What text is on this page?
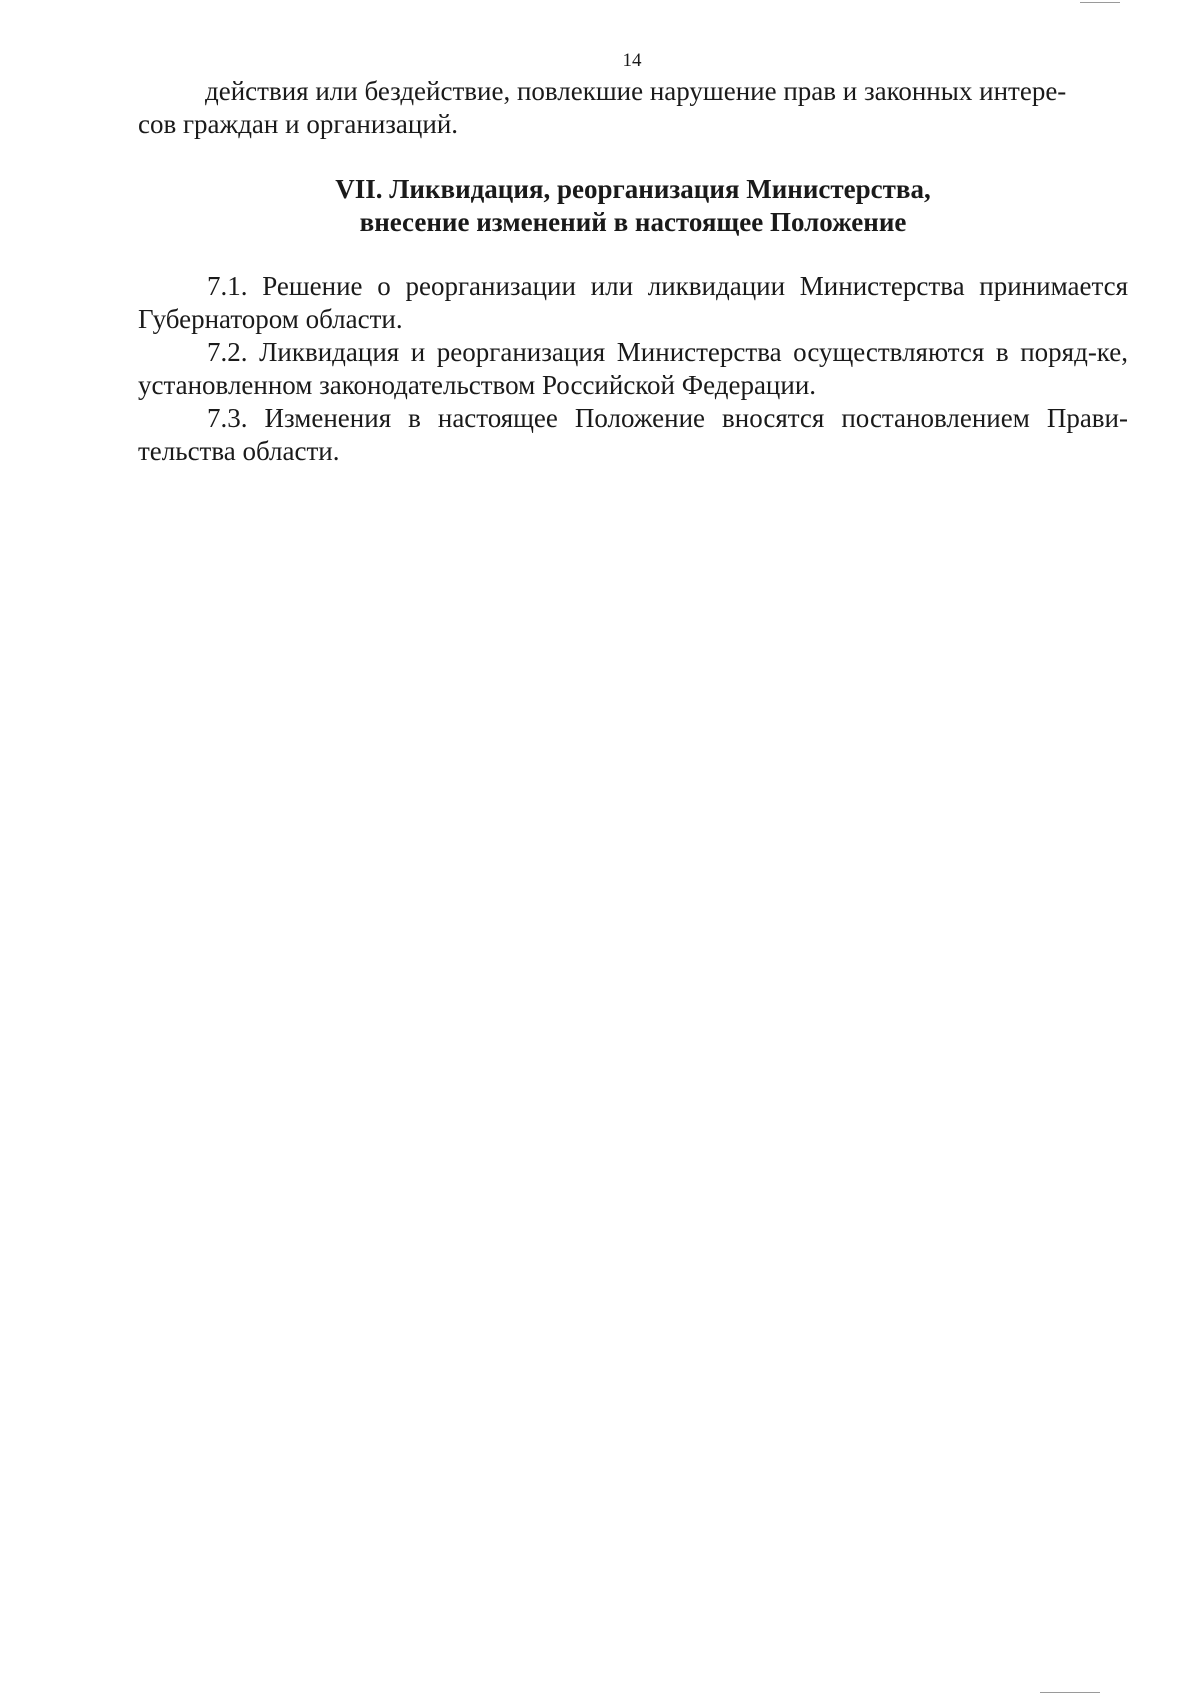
14
действия или бездействие, повлекшие нарушение прав и законных интере-
сов граждан и организаций.
VII. Ликвидация, реорганизация Министерства,
внесение изменений в настоящее Положение

7.1. Решение о реорганизации или ликвидации Министерства принимается Губернатором области.

7.2. Ликвидация и реорганизация Министерства осуществляются в поряд-ке, установленном законодательством Российской Федерации.

7.3. Изменения в настоящее Положение вносятся постановлением Прави-тельства области.
